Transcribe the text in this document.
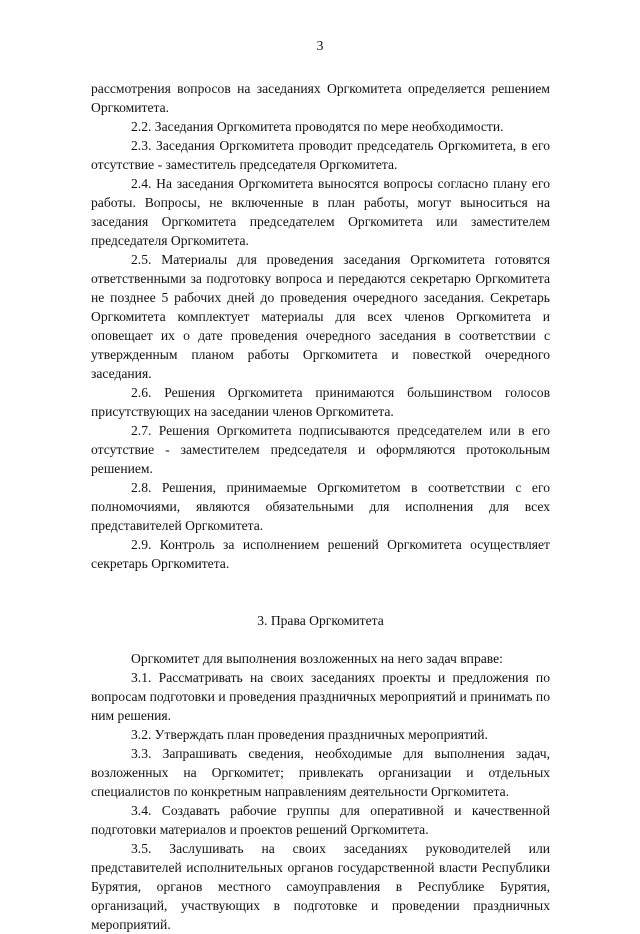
3

рассмотрения вопросов на заседаниях Оргкомитета определяется решением Оргкомитета.

2.2. Заседания Оргкомитета проводятся по мере необходимости.

2.3. Заседания Оргкомитета проводит председатель Оргкомитета, в его отсутствие - заместитель председателя Оргкомитета.

2.4. На заседания Оргкомитета выносятся вопросы согласно плану его работы. Вопросы, не включенные в план работы, могут выноситься на заседания Оргкомитета председателем Оргкомитета или заместителем председателя Оргкомитета.

2.5. Материалы для проведения заседания Оргкомитета готовятся ответственными за подготовку вопроса и передаются секретарю Оргкомитета не позднее 5 рабочих дней до проведения очередного заседания. Секретарь Оргкомитета комплектует материалы для всех членов Оргкомитета и оповещает их о дате проведения очередного заседания в соответствии с утвержденным планом работы Оргкомитета и повесткой очередного заседания.

2.6. Решения Оргкомитета принимаются большинством голосов присутствующих на заседании членов Оргкомитета.

2.7. Решения Оргкомитета подписываются председателем или в его отсутствие - заместителем председателя и оформляются протокольным решением.

2.8. Решения, принимаемые Оргкомитетом в соответствии с его полномочиями, являются обязательными для исполнения для всех представителей Оргкомитета.

2.9. Контроль за исполнением решений Оргкомитета осуществляет секретарь Оргкомитета.

3. Права Оргкомитета

Оргкомитет для выполнения возложенных на него задач вправе:

3.1. Рассматривать на своих заседаниях проекты и предложения по вопросам подготовки и проведения праздничных мероприятий и принимать по ним решения.

3.2. Утверждать план проведения праздничных мероприятий.

3.3. Запрашивать сведения, необходимые для выполнения задач, возложенных на Оргкомитет; привлекать организации и отдельных специалистов по конкретным направлениям деятельности Оргкомитета.

3.4. Создавать рабочие группы для оперативной и качественной подготовки материалов и проектов решений Оргкомитета.

3.5. Заслушивать на своих заседаниях руководителей или представителей исполнительных органов государственной власти Республики Бурятия, органов местного самоуправления в Республике Бурятия, организаций, участвующих в подготовке и проведении праздничных мероприятий.
